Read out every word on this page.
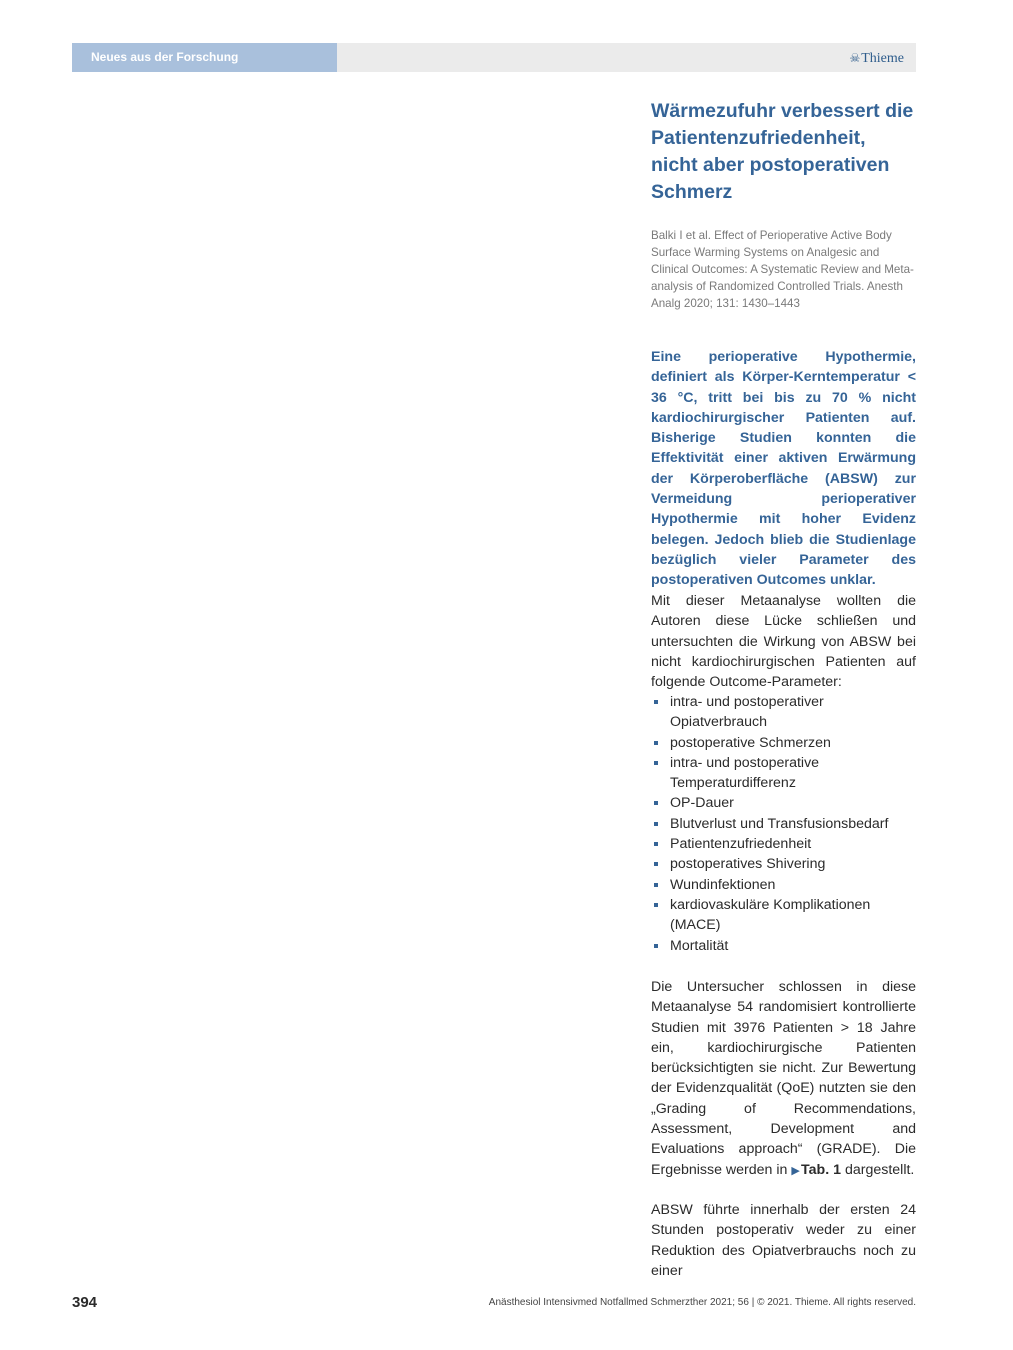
Neues aus der Forschung	☠Thieme
Wärmezufuhr verbessert die Patientenzufriedenheit, nicht aber postoperativen Schmerz

Balki I et al. Effect of Perioperative Active Body Surface Warming Systems on Analgesic and Clinical Outcomes: A Systematic Review and Meta-analysis of Randomized Controlled Trials. Anesth Analg 2020; 131: 1430–1443

Eine perioperative Hypothermie, definiert als Körper-Kerntemperatur < 36 °C, tritt bei bis zu 70 % nicht kardiochirurgischer Patienten auf. Bisherige Studien konnten die Effektivität einer aktiven Erwärmung der Körperoberfläche (ABSW) zur Vermeidung perioperativer Hypothermie mit hoher Evidenz belegen. Jedoch blieb die Studienlage bezüglich vieler Parameter des postoperativen Outcomes unklar.

Mit dieser Metaanalyse wollten die Autoren diese Lücke schließen und untersuchten die Wirkung von ABSW bei nicht kardiochirurgischen Patienten auf folgende Outcome-Parameter:

intra- und postoperativer Opiatverbrauch
postoperative Schmerzen
intra- und postoperative Temperaturdifferenz
OP-Dauer
Blutverlust und Transfusionsbedarf
Patientenzufriedenheit
postoperatives Shivering
Wundinfektionen
kardiovaskuläre Komplikationen (MACE)
Mortalität

Die Untersucher schlossen in diese Metaanalyse 54 randomisiert kontrollierte Studien mit 3976 Patienten > 18 Jahre ein, kardiochirurgische Patienten berücksichtigten sie nicht. Zur Bewertung der Evidenzqualität (QoE) nutzten sie den „Grading of Recommendations, Assessment, Development and Evaluations approach“ (GRADE). Die Ergebnisse werden in ▶ Tab. 1 dargestellt.

ABSW führte innerhalb der ersten 24 Stunden postoperativ weder zu einer Reduktion des Opiatverbrauchs noch zu einer

394	Anästhesiol Intensivmed Notfallmed Schmerzther 2021; 56 | © 2021. Thieme. All rights reserved.
